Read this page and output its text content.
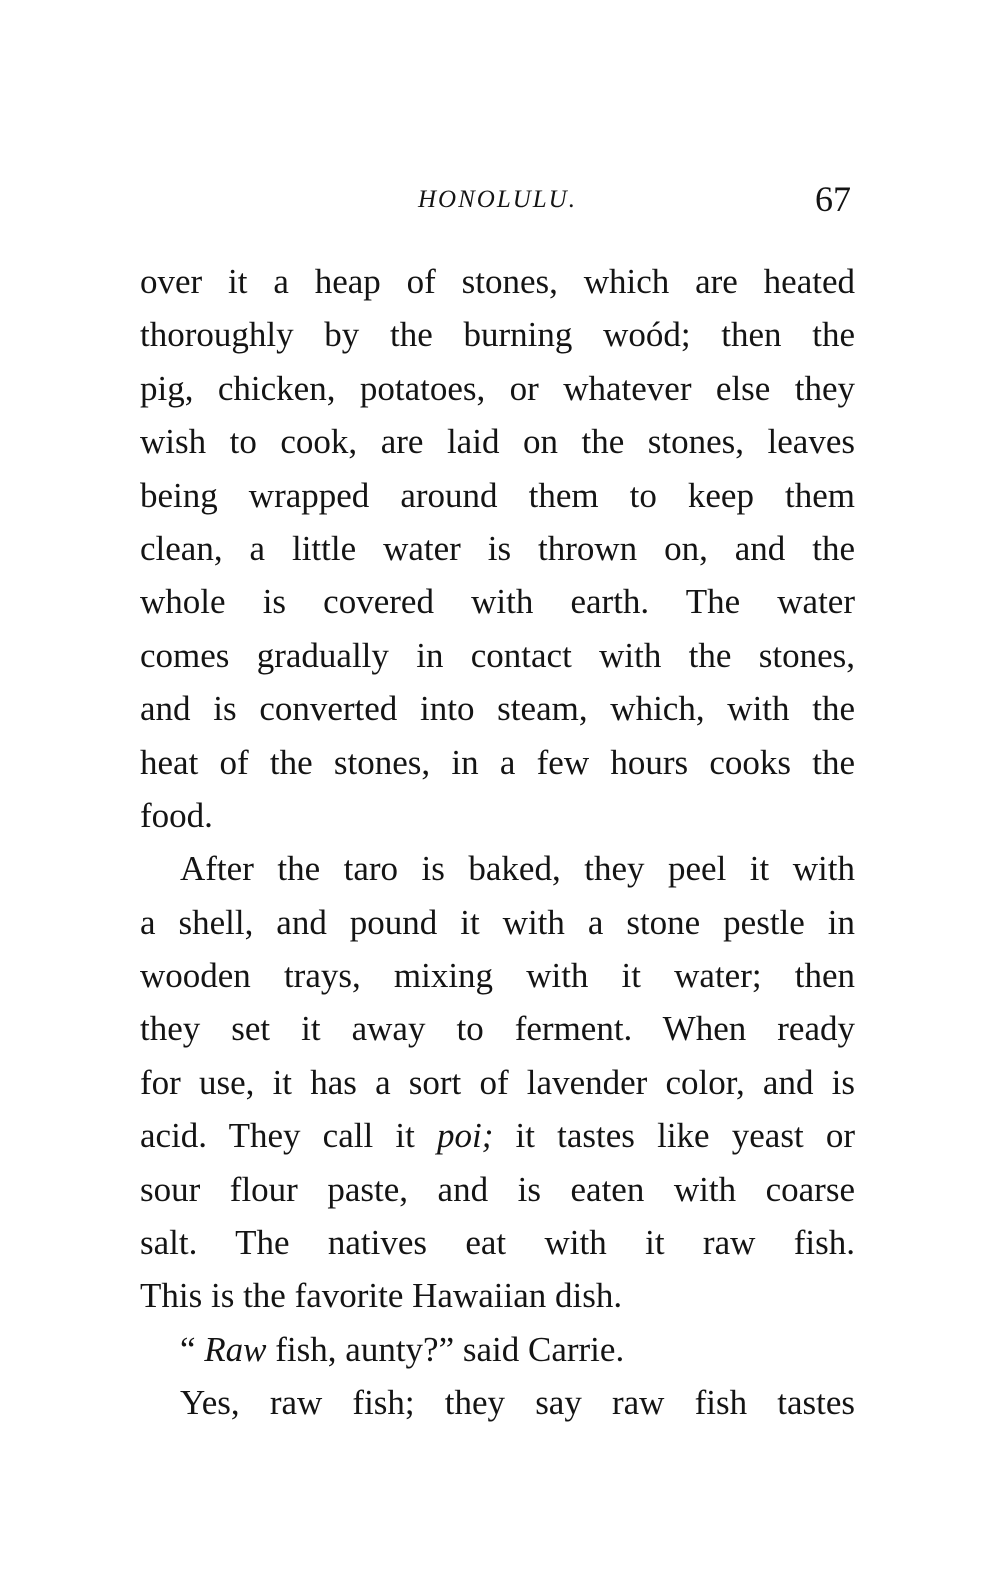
HONOLULU.	67
over it a heap of stones, which are heated
thoroughly by the burning woód; then the
pig, chicken, potatoes, or whatever else they
wish to cook, are laid on the stones, leaves
being wrapped around them to keep them
clean, a little water is thrown on, and the
whole is covered with earth. The water
comes gradually in contact with the stones,
and is converted into steam, which, with the
heat of the stones, in a few hours cooks the
food.
After the taro is baked, they peel it with
a shell, and pound it with a stone pestle in
wooden trays, mixing with it water; then
they set it away to ferment. When ready
for use, it has a sort of lavender color, and is
acid. They call it poi; it tastes like yeast or
sour flour paste, and is eaten with coarse
salt. The natives eat with it raw fish.
This is the favorite Hawaiian dish.
“ Raw fish, aunty?” said Carrie.
Yes, raw fish; they say raw fish tastes
